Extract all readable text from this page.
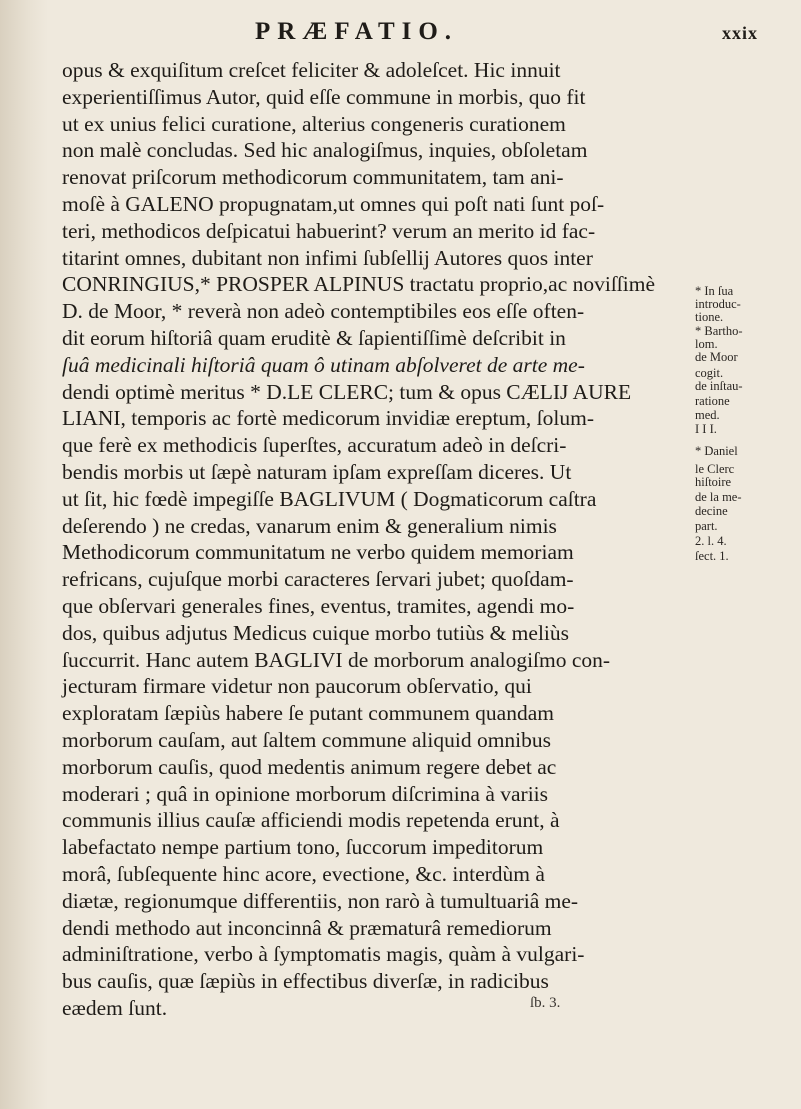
PRÆFATIO.	xxix
opus & exquiſitum creſcet feliciter & adoleſcet. Hic innuit
experientiſſimus Autor, quid eſſe commune in morbis, quo fit
ut ex unius felici curatione, alterius congeneris curationem
non malè concludas. Sed hic analogiſmus, inquies, obſoletam
renovat priſcorum methodicorum communitatem, tam ani-
moſè à GALENO propugnatam,ut omnes qui poſt nati ſunt poſ-
teri, methodicos deſpicatui habuerint? verum an merito id fac-
titarint omnes, dubitant non infimi ſubſellij Autores quos inter
CONRINGIUS,* PROSPER ALPINUS tractatu proprio,ac noviſſimè
D. de Moor, * reverà non adeò contemptibiles eos eſſe often-
dit eorum hiſtoriâ quam eruditè & ſapientiſſimè deſcribit in
ſuâ medicinali hiſtoriâ quam ô utinam abſolveret de arte me-
dendi optimè meritus * D.LE CLERC; tum & opus CÆLIJ AURE
LIANI, temporis ac fortè medicorum invidiæ ereptum, ſolum-
que ferè ex methodicis ſuperſtes, accuratum adeò in deſcri-
bendis morbis ut ſæpè naturam ipſam expreſſam diceres. Ut
ut ſit, hic fœdè impegiſſe BAGLIVUM ( Dogmaticorum caſtra
deſerendo ) ne credas, vanarum enim & generalium nimis
Methodicorum communitatum ne verbo quidem memoriam
refricans, cujuſque morbi caracteres ſervari jubet; quoſdam-
que obſervari generales fines, eventus, tramites, agendi mo-
dos, quibus adjutus Medicus cuique morbo tutiùs & meliùs
ſuccurrit. Hanc autem BAGLIVI de morborum analogiſmo con-
jecturam firmare videtur non paucorum obſervatio, qui
exploratam ſæpiùs habere ſe putant communem quandam
morborum cauſam, aut ſaltem commune aliquid omnibus
morborum cauſis, quod medentis animum regere debet ac
moderari ; quâ in opinione morborum diſcrimina à variis
communis illius cauſæ afficiendi modis repetenda erunt, à
labefactato nempe partium tono, ſuccorum impeditorum
morâ, ſubſequente hinc acore, evectione, &c. interdùm à
diætæ, regionumque differentiis, non rarò à tumultuariâ me-
dendi methodo aut inconcinnâ & præmaturâ remediorum
adminiſtratione, verbo à ſymptomatis magis, quàm à vulgari-
bus cauſis, quæ ſæpiùs in effectibus diverſæ, in radicibus
eædem ſunt.
* In ſua
introduc-
tione.
* Bartho-
lom.
de Moor
cogit.
de inſtau-
ratione
med.
I I I.
* Daniel
le Clerc
hiſtoire
de la me-
decine
part.
2. l. 4.
ſect. 1.
ſb. 3.
